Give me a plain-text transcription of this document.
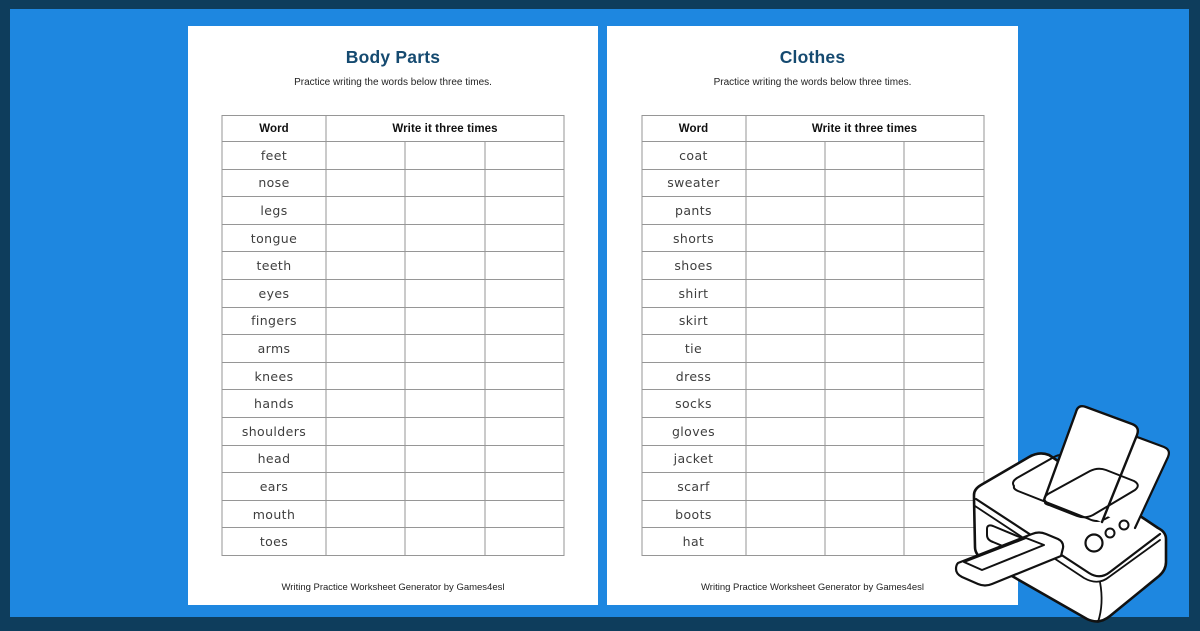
Body Parts
Practice writing the words below three times.
Word	Write it three times		
feet			
nose			
legs			
tongue			
teeth			
eyes			
fingers			
arms			
knees			
hands			
shoulders			
head			
ears			
mouth			
toes			
Writing Practice Worksheet Generator by Games4esl
Clothes
Practice writing the words below three times.
Word	Write it three times		
coat			
sweater			
pants			
shorts			
shoes			
shirt			
skirt			
tie			
dress			
socks			
gloves			
jacket			
scarf			
boots			
hat			
Writing Practice Worksheet Generator by Games4esl
